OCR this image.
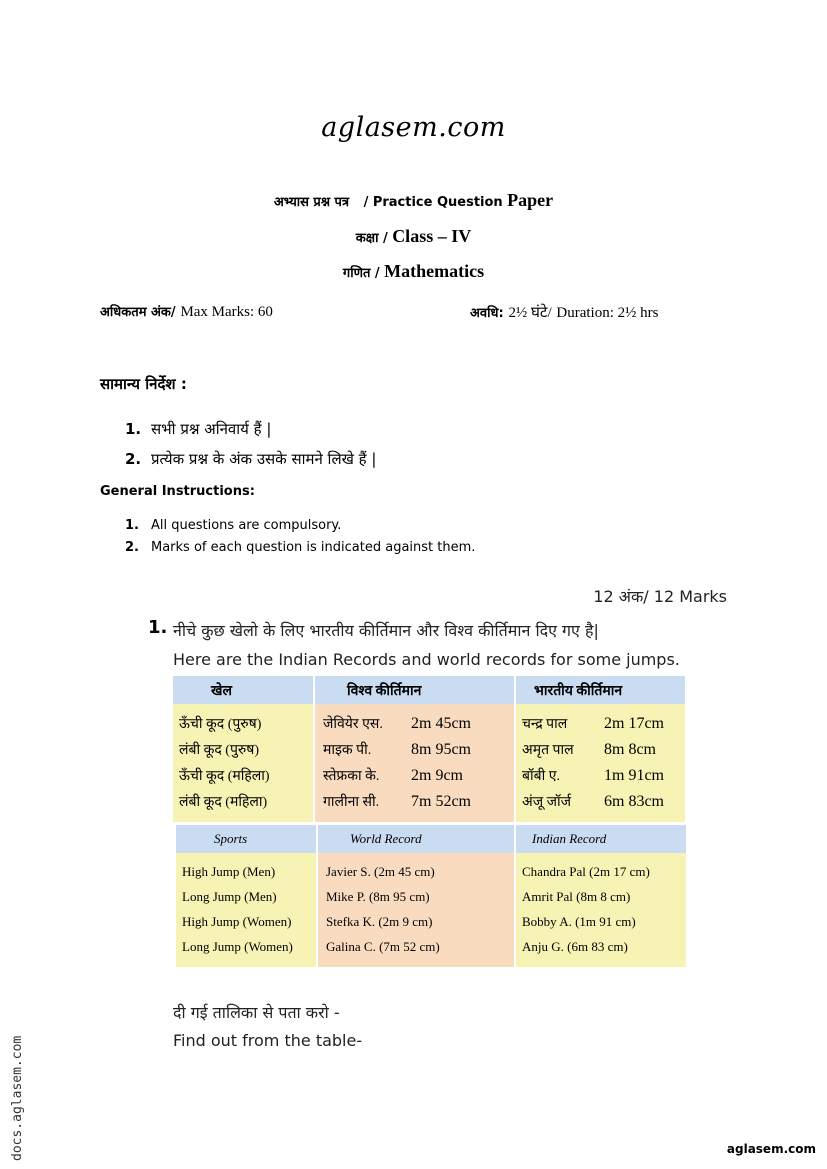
aglasem.com
अभ्यास प्रश्न पत्र / Practice Question Paper
कक्षा / Class – IV
गणित / Mathematics
अधिकतम अंक/ Max Marks: 60	अवधि: 2½ घंटे/ Duration: 2½ hrs
सामान्य निर्देश :
1. सभी प्रश्न अनिवार्य हैं |
2. प्रत्येक प्रश्न के अंक उसके सामने लिखे हैं |
General Instructions:
1. All questions are compulsory.
2. Marks of each question is indicated against them.
12 अंक/ 12 Marks
1. नीचे कुछ खेलो के लिए भारतीय कीर्तिमान और विश्व कीर्तिमान दिए गए है|
Here are the Indian Records and world records for some jumps.
खेल	विश्व कीर्तिमान	भारतीय कीर्तिमान

ऊँची कूद (पुरुष)	जेवियेर एस. 2m 45cm	चन्द्र पाल 2m 17cm
लंबी कूद (पुरुष)	माइक पी. 8m 95cm	अमृत पाल 8m 8cm
ऊँची कूद (महिला)	स्तेफ्रका के. 2m 9cm	बॉबी ए. 1m 91cm
लंबी कूद (महिला)	गालीना सी. 7m 52cm	अंजू जॉर्ज 6m 83cm

Sports	World Record	Indian Record

High Jump (Men)	Javier S. (2m 45 cm)	Chandra Pal (2m 17 cm)
Long Jump (Men)	Mike P. (8m 95 cm)	Amrit Pal (8m 8 cm)
High Jump (Women)	Stefka K. (2m 9 cm)	Bobby A. (1m 91 cm)
Long Jump (Women)	Galina C. (7m 52 cm)	Anju G. (6m 83 cm)

दी गई तालिका से पता करो -
Find out from the table-
docs.aglasem.com	aglasem.com
